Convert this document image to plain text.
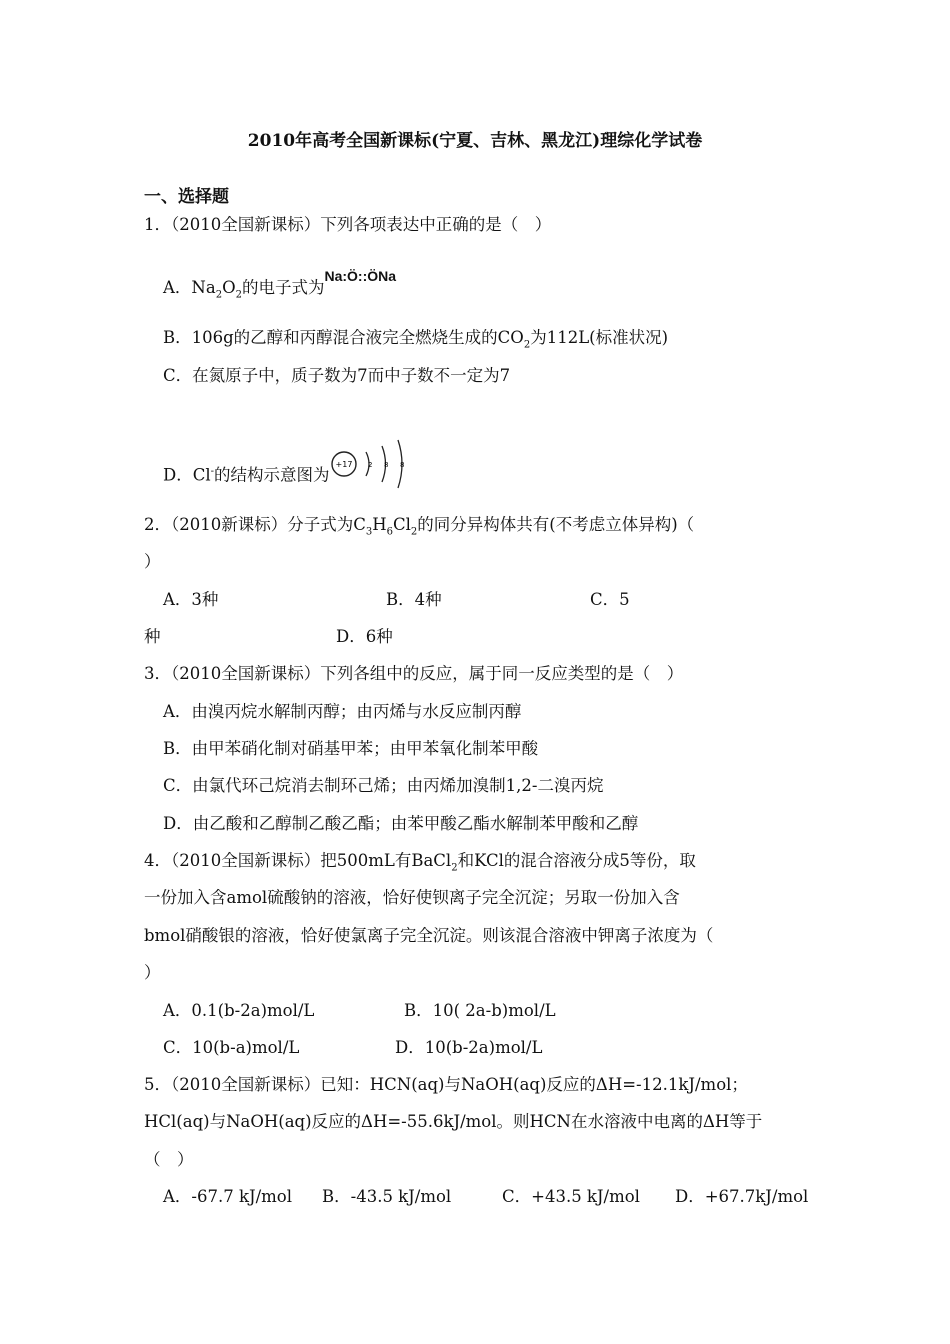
2010年高考全国新课标(宁夏、吉林、黑龙江)理综化学试卷
一、选择题
1．（2010全国新课标）下列各项表达中正确的是（　）
A．$Na_2O_2$的电子式为$^{Na:Ö::ÖNa}$
B．106g的乙醇和丙醇混合液完全燃烧生成的$CO_2$为112L(标准状况)
C．在氮原子中，质子数为7而中子数不一定为7
D．Cl-的结构示意图为
+17 2 8 8
2．（2010新课标）分子式为$C_3H_6Cl_2$的同分异构体共有(不考虑立体异构)（
）
A．3种	B．4种	C．5
种	D．6种
3．（2010全国新课标）下列各组中的反应，属于同一反应类型的是（　）
A．由溴丙烷水解制丙醇；由丙烯与水反应制丙醇
B．由甲苯硝化制对硝基甲苯；由甲苯氧化制苯甲酸
C．由氯代环己烷消去制环己烯；由丙烯加溴制1,2-二溴丙烷
D．由乙酸和乙醇制乙酸乙酯；由苯甲酸乙酯水解制苯甲酸和乙醇
4．（2010全国新课标）把500mL有BaCl$_2$和KCl的混合溶液分成5等份，取
一份加入含amol硫酸钠的溶液，恰好使钡离子完全沉淀；另取一份加入含
bmol硝酸银的溶液，恰好使氯离子完全沉淀。则该混合溶液中钾离子浓度为（
）
A．0.1(b-2a)mol/L	B．10( 2a-b)mol/L
C．10(b-a)mol/L	D．10(b-2a)mol/L
5．（2010全国新课标）已知：HCN(aq)与NaOH(aq)反应的ΔH=-12.1kJ/mol；
HCl(aq)与NaOH(aq)反应的ΔH=-55.6kJ/mol。则HCN在水溶液中电离的ΔH等于
（　）
A．-67.7 kJ/mol B．-43.5 kJ/mol	C．+43.5 kJ/mol D．+67.7kJ/mol
